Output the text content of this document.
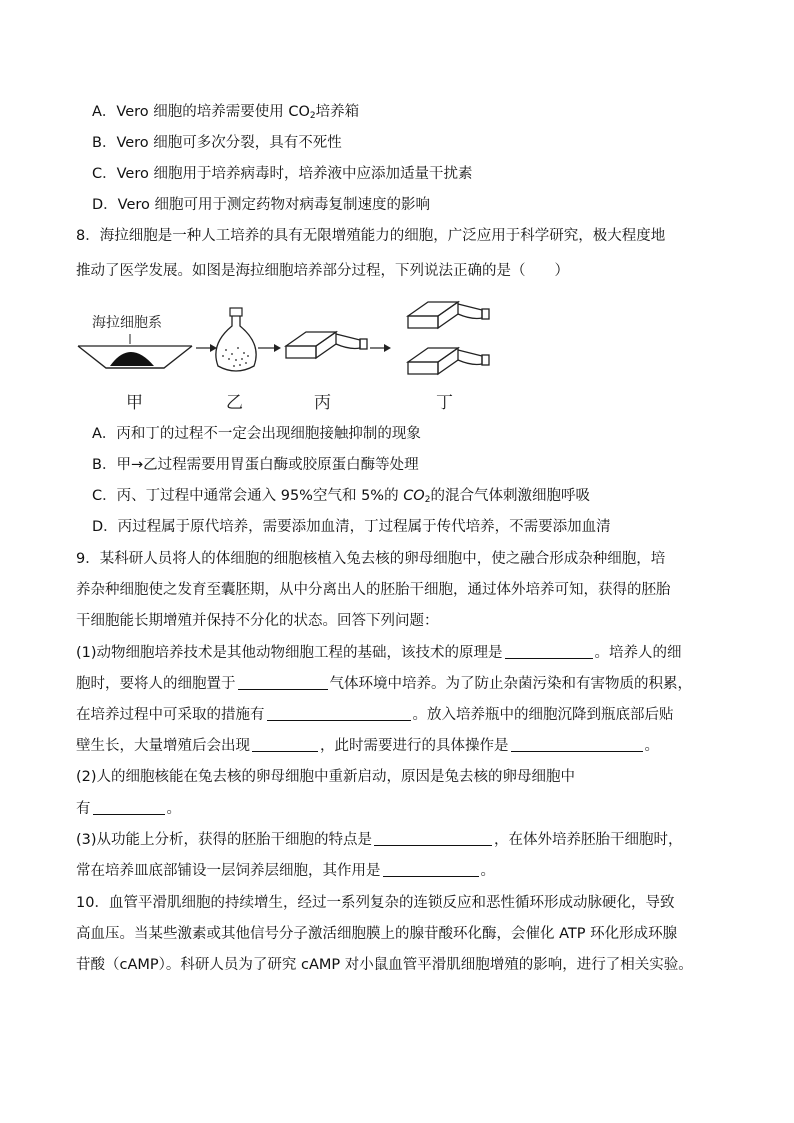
A．Vero 细胞的培养需要使用 $CO_2$培养箱
B．Vero 细胞可多次分裂，具有不死性
C．Vero 细胞用于培养病毒时，培养液中应添加适量干扰素
D．Vero 细胞可用于测定药物对病毒复制速度的影响
8．海拉细胞是一种人工培养的具有无限增殖能力的细胞，广泛应用于科学研究，极大程度地
推动了医学发展。如图是海拉细胞培养部分过程，下列说法正确的是（　　）
海拉细胞系
甲	乙	丙	丁
A．丙和丁的过程不一定会出现细胞接触抑制的现象
B．甲→乙过程需要用胃蛋白酶或胶原蛋白酶等处理
C．丙、丁过程中通常会通入 95%空气和 5%的 $CO_2$的混合气体刺激细胞呼吸
D．丙过程属于原代培养，需要添加血清，丁过程属于传代培养，不需要添加血清
9．某科研人员将人的体细胞的细胞核植入兔去核的卵母细胞中，使之融合形成杂种细胞，培
养杂种细胞使之发育至囊胚期，从中分离出人的胚胎干细胞，通过体外培养可知，获得的胚胎
干细胞能长期增殖并保持不分化的状态。回答下列问题：
(1)动物细胞培养技术是其他动物细胞工程的基础，该技术的原理是	。培养人的细
胞时，要将人的细胞置于	气体环境中培养。为了防止杂菌污染和有害物质的积累，
在培养过程中可采取的措施有	。放入培养瓶中的细胞沉降到瓶底部后贴
壁生长，大量增殖后会出现	，此时需要进行的具体操作是	。
(2)人的细胞核能在兔去核的卵母细胞中重新启动，原因是兔去核的卵母细胞中
有	。
(3)从功能上分析，获得的胚胎干细胞的特点是	，在体外培养胚胎干细胞时，
常在培养皿底部铺设一层饲养层细胞，其作用是	。
10．血管平滑肌细胞的持续增生，经过一系列复杂的连锁反应和恶性循环形成动脉硬化，导致
高血压。当某些激素或其他信号分子激活细胞膜上的腺苷酸环化酶，会催化 ATP 环化形成环腺
苷酸（cAMP）。科研人员为了研究 cAMP 对小鼠血管平滑肌细胞增殖的影响，进行了相关实验。
